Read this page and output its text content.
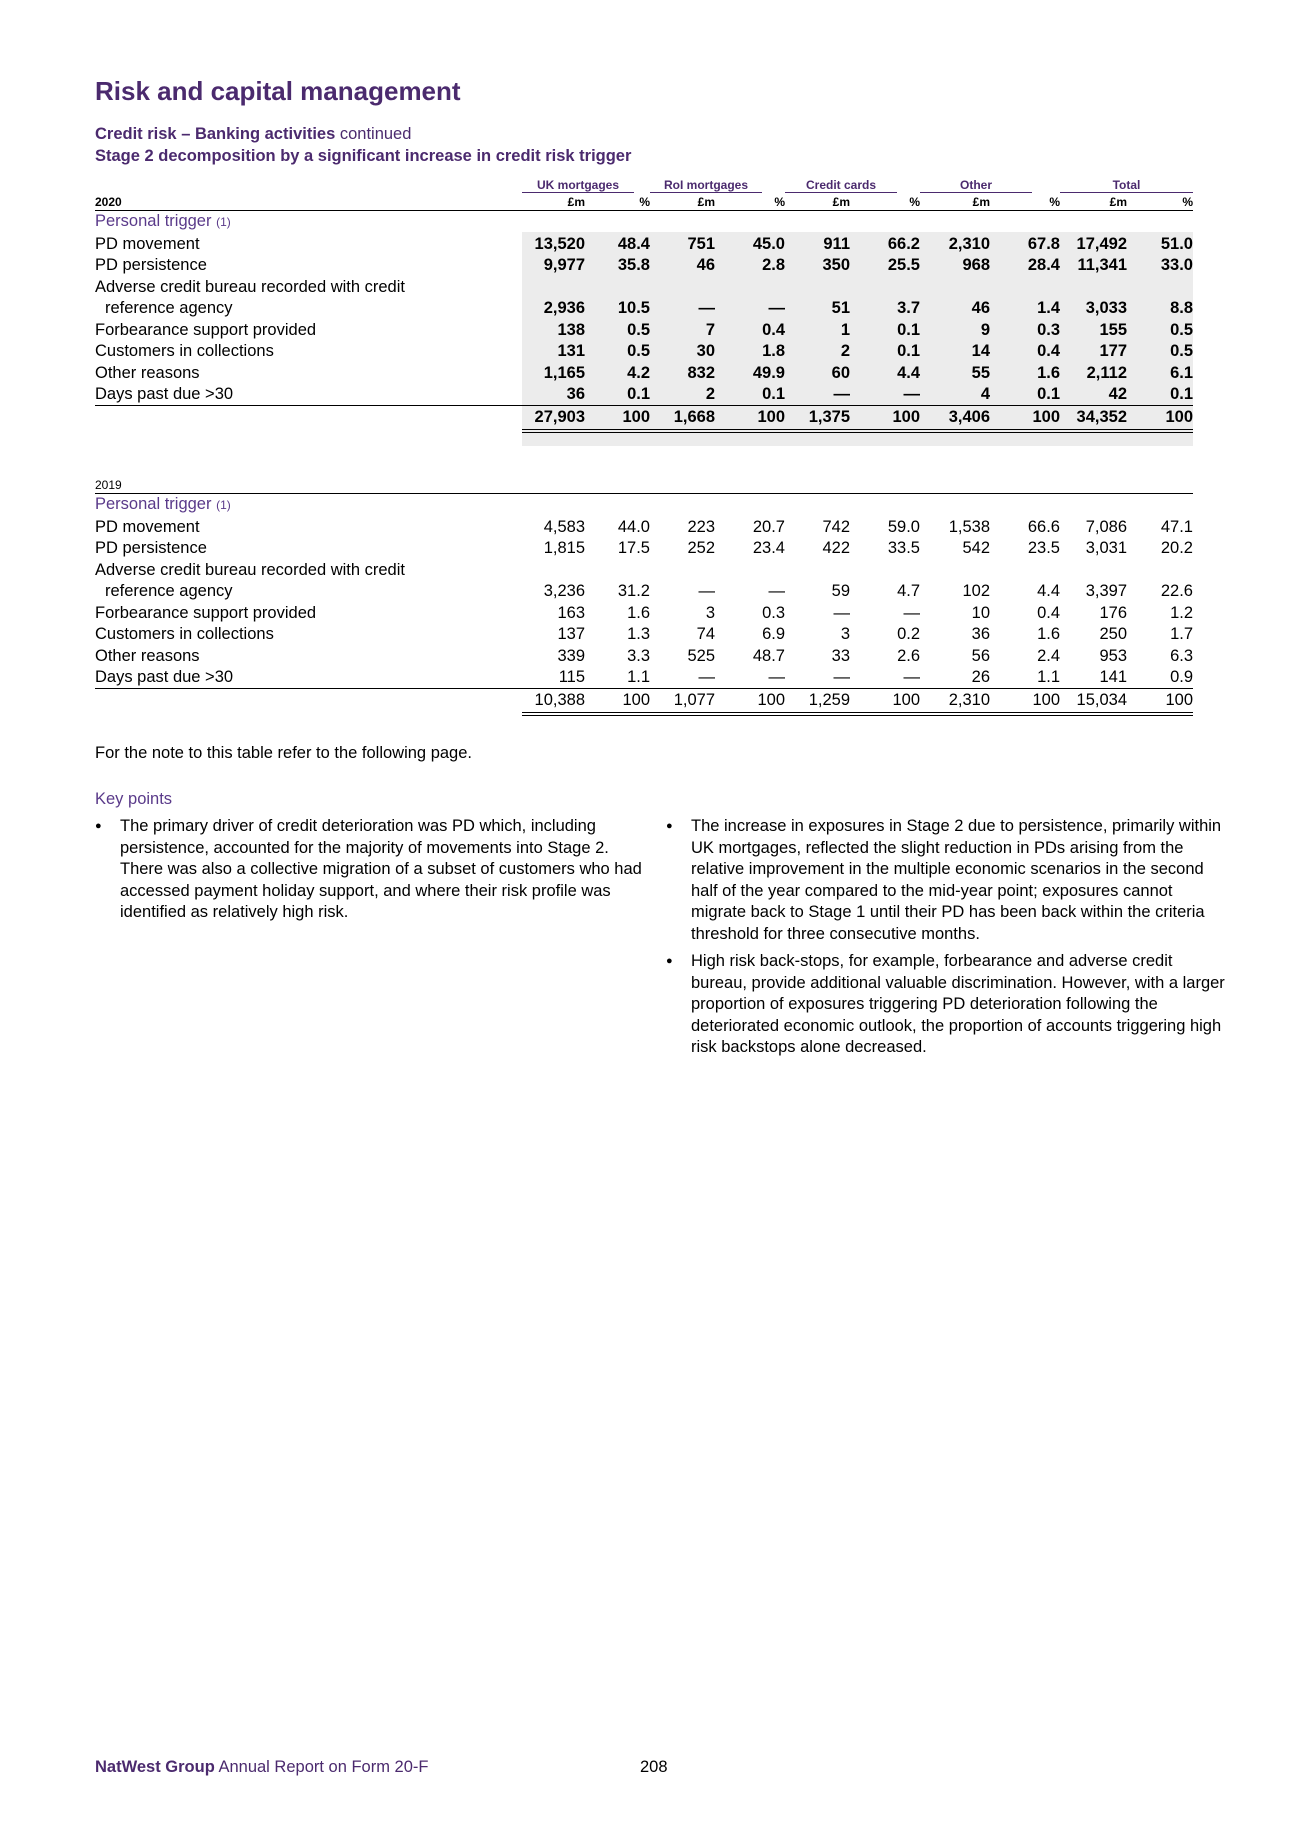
Risk and capital management
Credit risk – Banking activities continued
Stage 2 decomposition by a significant increase in credit risk trigger
UK mortgages	RoI mortgages	Credit cards	Other	Total
2020	£m	%	£m	%	£m	%	£m	%	£m	%
Personal trigger (1)
PD movement	13,520	48.4	751	45.0	911	66.2	2,310	67.8	17,492	51.0
PD persistence	9,977	35.8	46	2.8	350	25.5	968	28.4	11,341	33.0
Adverse credit bureau recorded with credit
reference agency	2,936	10.5	—	—	51	3.7	46	1.4	3,033	8.8
Forbearance support provided	138	0.5	7	0.4	1	0.1	9	0.3	155	0.5
Customers in collections	131	0.5	30	1.8	2	0.1	14	0.4	177	0.5
Other reasons	1,165	4.2	832	49.9	60	4.4	55	1.6	2,112	6.1
Days past due >30	36	0.1	2	0.1	—	—	4	0.1	42	0.1
27,903	100	1,668	100	1,375	100	3,406	100	34,352	100
2019
Personal trigger (1)
PD movement	4,583	44.0	223	20.7	742	59.0	1,538	66.6	7,086	47.1
PD persistence	1,815	17.5	252	23.4	422	33.5	542	23.5	3,031	20.2
Adverse credit bureau recorded with credit
reference agency	3,236	31.2	—	—	59	4.7	102	4.4	3,397	22.6
Forbearance support provided	163	1.6	3	0.3	—	—	10	0.4	176	1.2
Customers in collections	137	1.3	74	6.9	3	0.2	36	1.6	250	1.7
Other reasons	339	3.3	525	48.7	33	2.6	56	2.4	953	6.3
Days past due >30	115	1.1	—	—	—	—	26	1.1	141	0.9
10,388	100	1,077	100	1,259	100	2,310	100	15,034	100
For the note to this table refer to the following page.
Key points
● The primary driver of credit deterioration was PD which, including persistence, accounted for the majority of movements into Stage 2. There was also a collective migration of a subset of customers who had accessed payment holiday support, and where their risk profile was identified as relatively high risk.
● The increase in exposures in Stage 2 due to persistence, primarily within UK mortgages, reflected the slight reduction in PDs arising from the relative improvement in the multiple economic scenarios in the second half of the year compared to the mid-year point; exposures cannot migrate back to Stage 1 until their PD has been back within the criteria threshold for three consecutive months.
● High risk back-stops, for example, forbearance and adverse credit bureau, provide additional valuable discrimination. However, with a larger proportion of exposures triggering PD deterioration following the deteriorated economic outlook, the proportion of accounts triggering high risk backstops alone decreased.
NatWest Group Annual Report on Form 20-F	208
